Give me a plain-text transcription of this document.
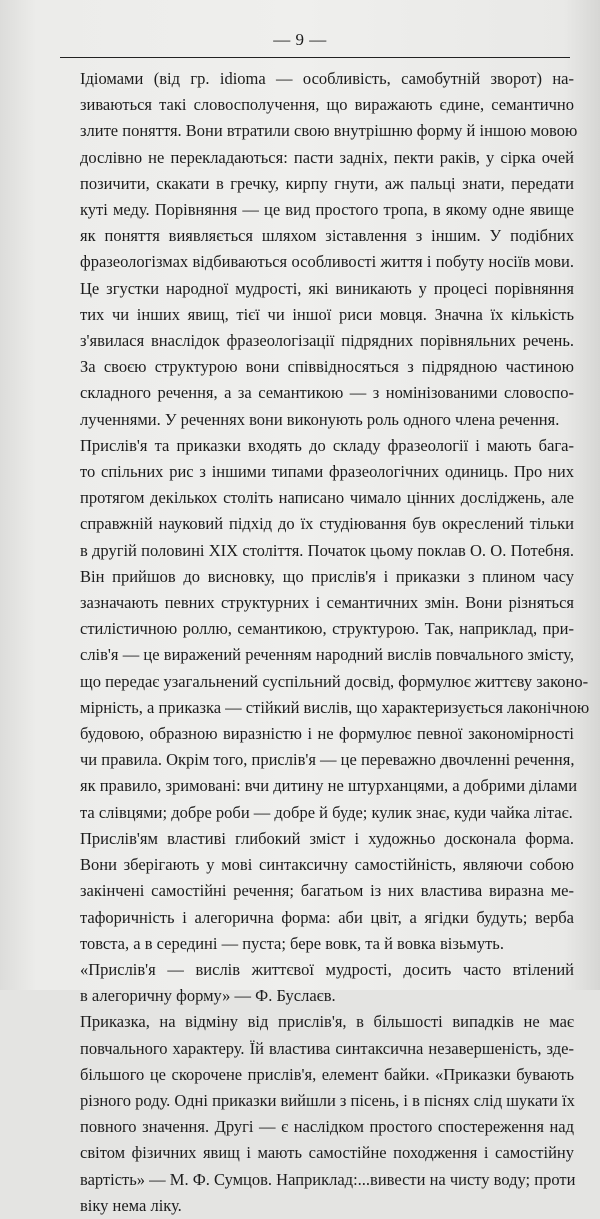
— 9 —

Ідіомами (від гр. idioma — особливість, самобутній зворот) на-
зиваються такі словосполучення, що виражають єдине, семантично
злите поняття. Вони втратили свою внутрішню форму й іншою мовою
дослівно не перекладаються: пасти задніх, пекти раків, у сірка очей
позичити, скакати в гречку, кирпу гнути, аж пальці знати, передати
куті меду. Порівняння — це вид простого тропа, в якому одне явище
як поняття виявляється шляхом зіставлення з іншим. У подібних
фразеологізмах відбиваються особливості життя і побуту носіїв мови.
Це згустки народної мудрості, які виникають у процесі порівняння
тих чи інших явищ, тієї чи іншої риси мовця. Значна їх кількість
з'явилася внаслідок фразеологізації підрядних порівняльних речень.
За своєю структурою вони співвідносяться з підрядною частиною
складного речення, а за семантикою — з номінізованими словоспо-
лученнями. У реченнях вони виконують роль одного члена речення.

Прислів'я та приказки входять до складу фразеології і мають бага-
то спільних рис з іншими типами фразеологічних одиниць. Про них
протягом декількох століть написано чимало цінних досліджень, але
справжній науковий підхід до їх студіювання був окреслений тільки
в другій половині XIX століття. Початок цьому поклав О. О. Потебня.
Він прийшов до висновку, що прислів'я і приказки з плином часу
зазначають певних структурних і семантичних змін. Вони різняться
стилістичною роллю, семантикою, структурою. Так, наприклад, при-
слів'я — це виражений реченням народний вислів повчального змісту,
що передає узагальнений суспільний досвід, формулює життєву законо-
мірність, а приказка — стійкий вислів, що характеризується лаконічною
будовою, образною виразністю і не формулює певної закономірності
чи правила. Окрім того, прислів'я — це переважно двочленні речення,
як правило, зримовані: вчи дитину не штурханцями, а добрими ділами
та слівцями; добре роби — добре й буде; кулик знає, куди чайка літає.

Прислів'ям властиві глибокий зміст і художньо досконала форма.
Вони зберігають у мові синтаксичну самостійність, являючи собою
закінчені самостійні речення; багатьом із них властива виразна ме-
тафоричність і алегорична форма: аби цвіт, а ягідки будуть; верба
товста, а в середині — пуста; бере вовк, та й вовка візьмуть.

«Прислів'я — вислів життєвої мудрості, досить часто втілений
в алегоричну форму» — Ф. Буслаєв.

Приказка, на відміну від прислів'я, в більшості випадків не має
повчального характеру. Їй властива синтаксична незавершеність, зде-
більшого це скорочене прислів'я, елемент байки. «Приказки бувають
різного роду. Одні приказки вийшли з пісень, і в піснях слід шукати їх
повного значення. Другі — є наслідком простого спостереження над
світом фізичних явищ і мають самостійне походження і самостійну
вартість» — М. Ф. Сумцов. Наприклад:...вивести на чисту воду; проти
віку нема ліку.
